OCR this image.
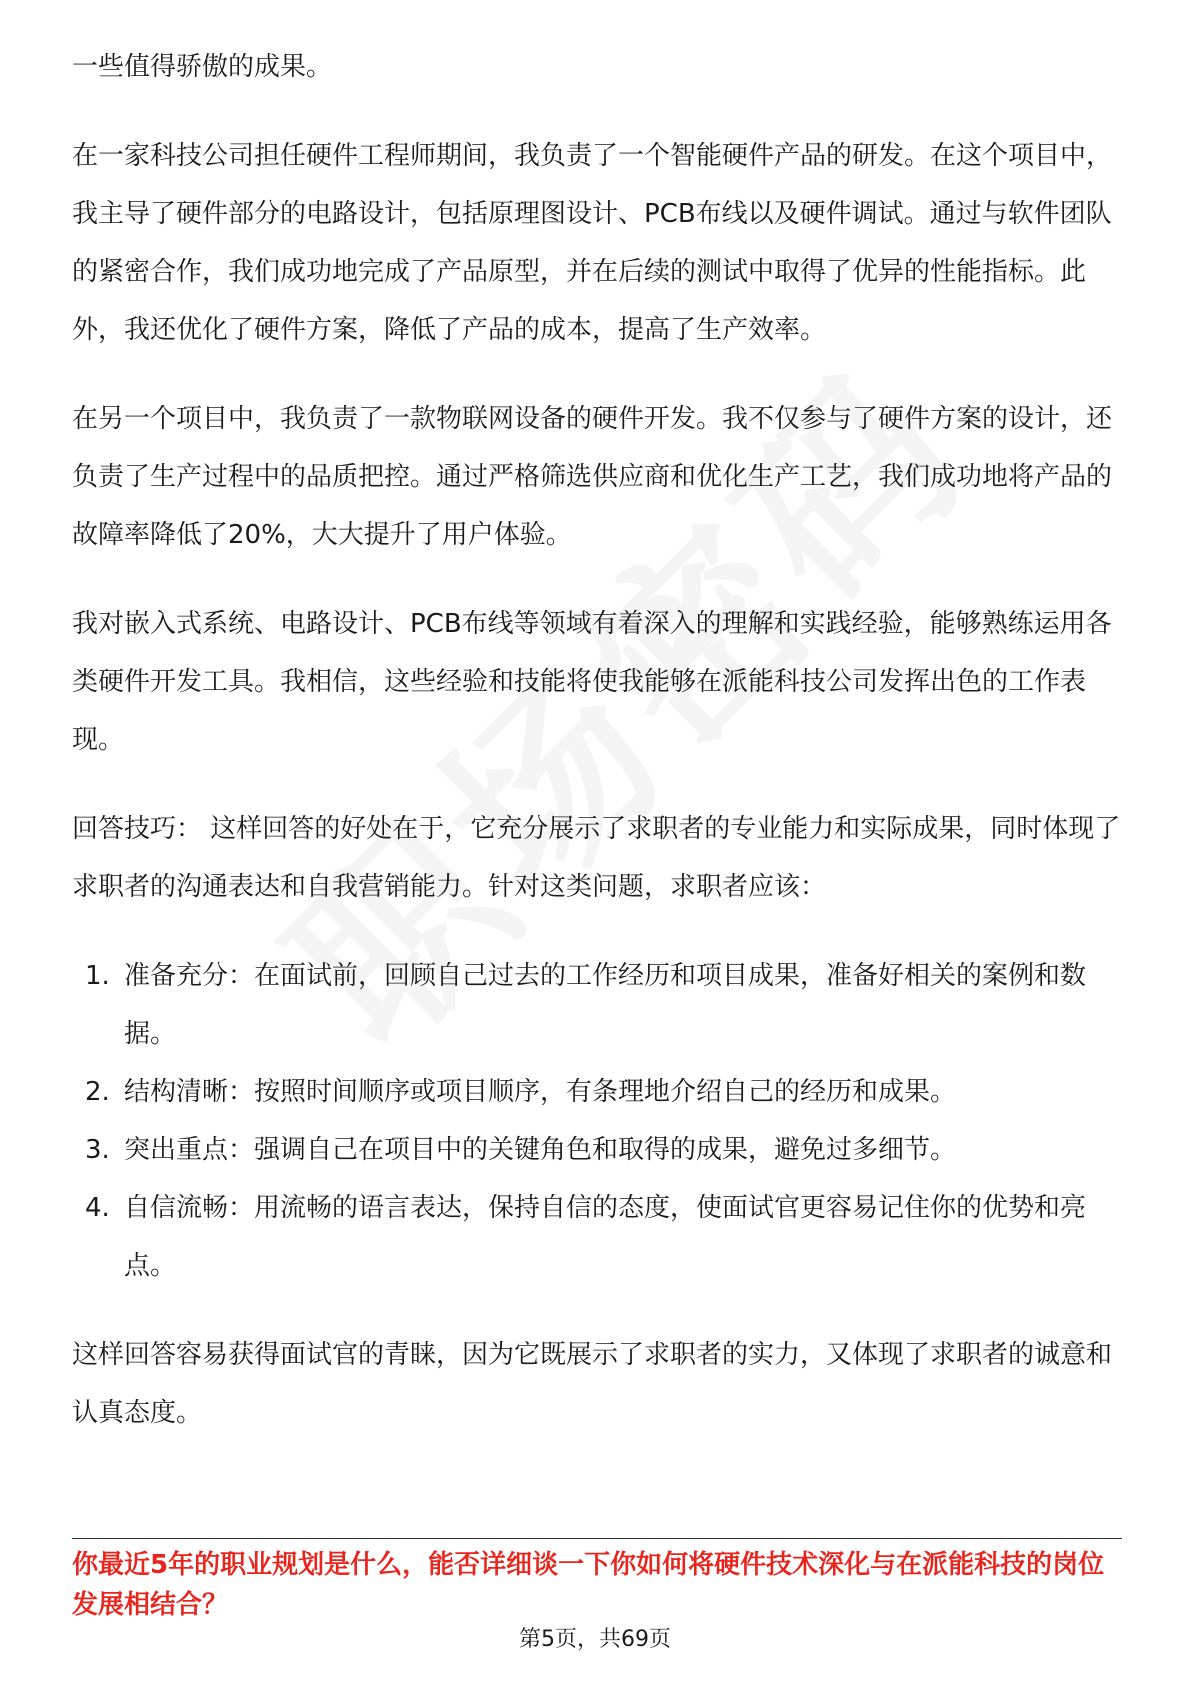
一些值得骄傲的成果。

在一家科技公司担任硬件工程师期间，我负责了一个智能硬件产品的研发。在这个项目中，我主导了硬件部分的电路设计，包括原理图设计、PCB布线以及硬件调试。通过与软件团队的紧密合作，我们成功地完成了产品原型，并在后续的测试中取得了优异的性能指标。此外，我还优化了硬件方案，降低了产品的成本，提高了生产效率。

在另一个项目中，我负责了一款物联网设备的硬件开发。我不仅参与了硬件方案的设计，还负责了生产过程中的品质把控。通过严格筛选供应商和优化生产工艺，我们成功地将产品的故障率降低了20%，大大提升了用户体验。

我对嵌入式系统、电路设计、PCB布线等领域有着深入的理解和实践经验，能够熟练运用各类硬件开发工具。我相信，这些经验和技能将使我能够在派能科技公司发挥出色的工作表现。

回答技巧： 这样回答的好处在于，它充分展示了求职者的专业能力和实际成果，同时体现了求职者的沟通表达和自我营销能力。针对这类问题，求职者应该：

1. 准备充分：在面试前，回顾自己过去的工作经历和项目成果，准备好相关的案例和数据。
2. 结构清晰：按照时间顺序或项目顺序，有条理地介绍自己的经历和成果。
3. 突出重点：强调自己在项目中的关键角色和取得的成果，避免过多细节。
4. 自信流畅：用流畅的语言表达，保持自信的态度，使面试官更容易记住你的优势和亮点。

这样回答容易获得面试官的青睐，因为它既展示了求职者的实力，又体现了求职者的诚意和认真态度。

你最近5年的职业规划是什么，能否详细谈一下你如何将硬件技术深化与在派能科技的岗位发展相结合？
第5页，共69页
